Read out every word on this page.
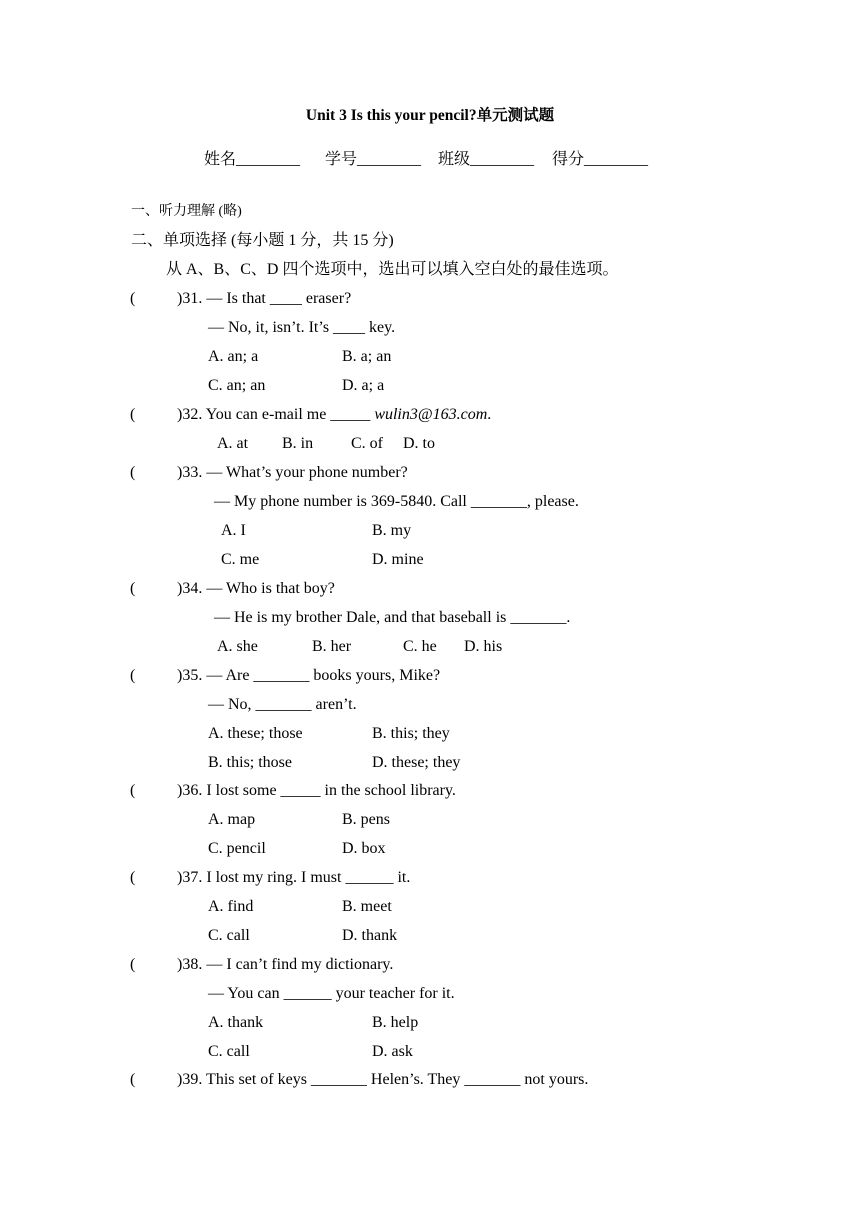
Unit 3 Is this your pencil?单元测试题
姓名________ 学号________ 班级________ 得分________
一、听力理解 (略)
二、单项选择 (每小题 1 分，共 15 分)
从 A、B、C、D 四个选项中，选出可以填入空白处的最佳选项。
(	)31. — Is that ____ eraser?
— No, it, isn’t. It’s ____ key.
A. an; a	B. a; an
C. an; an	D. a; a
(	)32. You can e-mail me _____ wulin3@163.com.
A. at B. in C. of D. to
(	)33. — What’s your phone number?
— My phone number is 369-5840. Call _______, please.
A. I	B. my
C. me	D. mine
(	)34. — Who is that boy?
— He is my brother Dale, and that baseball is _______.
A. she	B. her	C. he D. his
(	)35. — Are _______ books yours, Mike?
— No, _______ aren’t.
A. these; those	B. this; they
B. this; those	D. these; they
(	)36. I lost some _____ in the school library.
A. map	B. pens
C. pencil	D. box
(	)37. I lost my ring. I must ______ it.
A. find	B. meet
C. call	D. thank
(	)38. — I can’t find my dictionary.
— You can ______ your teacher for it.
A. thank	B. help
C. call	D. ask
(	)39. This set of keys _______ Helen’s. They _______ not yours.
